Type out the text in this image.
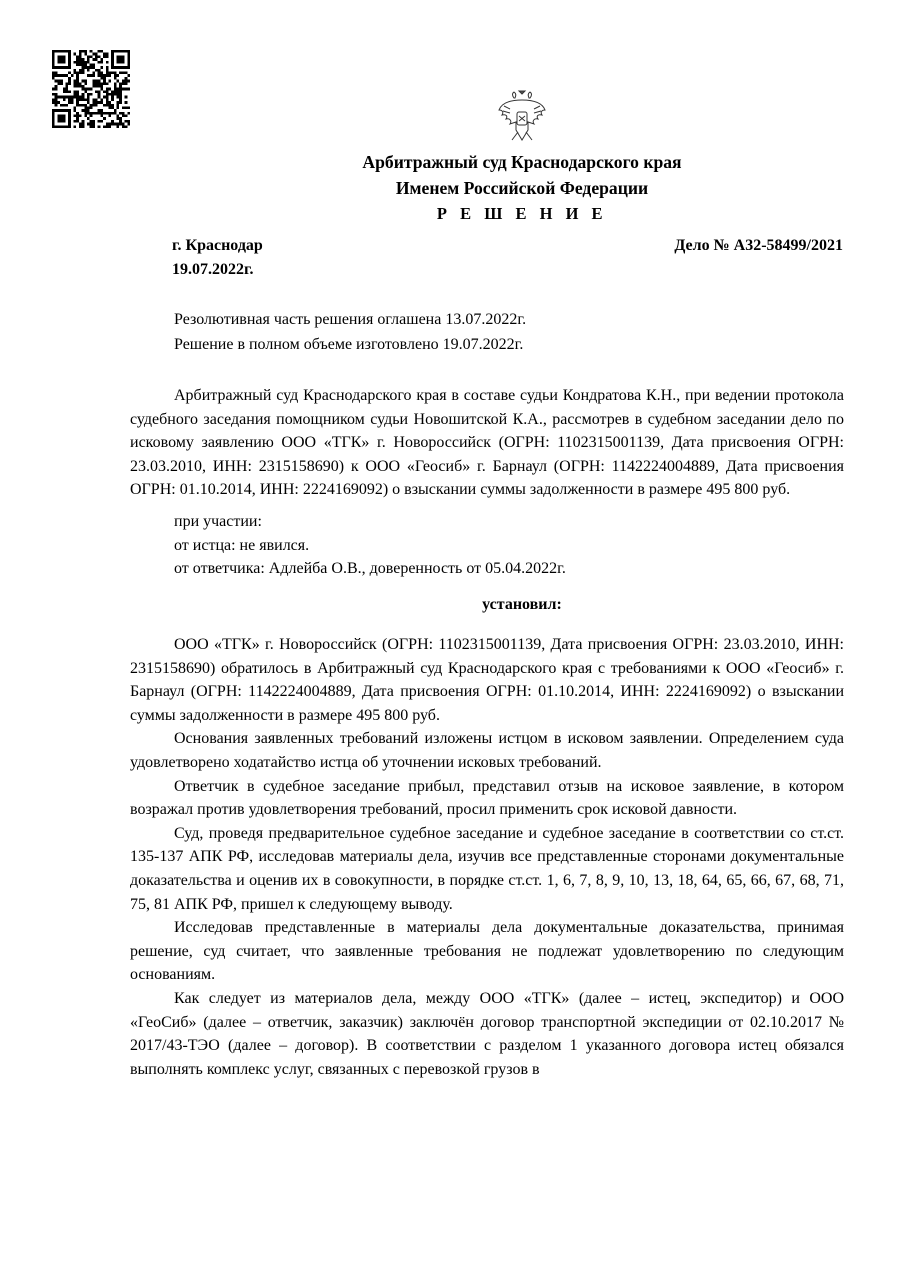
Арбитражный суд Краснодарского края
Именем Российской Федерации
Р Е Ш Е Н И Е
г. Краснодар
19.07.2022г.
Дело № А32-58499/2021
Резолютивная часть решения оглашена 13.07.2022г.
Решение в полном объеме изготовлено 19.07.2022г.

Арбитражный суд Краснодарского края в составе судьи Кондратова К.Н., при ведении протокола судебного заседания помощником судьи Новошитской К.А., рассмотрев в судебном заседании дело по исковому заявлению ООО «ТГК» г. Новороссийск (ОГРН: 1102315001139, Дата присвоения ОГРН: 23.03.2010, ИНН: 2315158690) к ООО «Геосиб» г. Барнаул (ОГРН: 1142224004889, Дата присвоения ОГРН: 01.10.2014, ИНН: 2224169092) о взыскании суммы задолженности в размере 495 800 руб.

при участии:
от истца: не явился.
от ответчика: Адлейба О.В., доверенность от 05.04.2022г.
установил:

ООО «ТГК» г. Новороссийск (ОГРН: 1102315001139, Дата присвоения ОГРН: 23.03.2010, ИНН: 2315158690) обратилось в Арбитражный суд Краснодарского края с требованиями к ООО «Геосиб» г. Барнаул (ОГРН: 1142224004889, Дата присвоения ОГРН: 01.10.2014, ИНН: 2224169092) о взыскании суммы задолженности в размере 495 800 руб.

Основания заявленных требований изложены истцом в исковом заявлении. Определением суда удовлетворено ходатайство истца об уточнении исковых требований.

Ответчик в судебное заседание прибыл, представил отзыв на исковое заявление, в котором возражал против удовлетворения требований, просил применить срок исковой давности.

Суд, проведя предварительное судебное заседание и судебное заседание в соответствии со ст.ст. 135-137 АПК РФ, исследовав материалы дела, изучив все представленные сторонами документальные доказательства и оценив их в совокупности, в порядке ст.ст. 1, 6, 7, 8, 9, 10, 13, 18, 64, 65, 66, 67, 68, 71, 75, 81 АПК РФ, пришел к следующему выводу.

Исследовав представленные в материалы дела документальные доказательства, принимая решение, суд считает, что заявленные требования не подлежат удовлетворению по следующим основаниям.

Как следует из материалов дела, между ООО «ТГК» (далее – истец, экспедитор) и ООО «ГеоСиб» (далее – ответчик, заказчик) заключён договор транспортной экспедиции от 02.10.2017 № 2017/43-ТЭО (далее – договор). В соответствии с разделом 1 указанного договора истец обязался выполнять комплекс услуг, связанных с перевозкой грузов в
